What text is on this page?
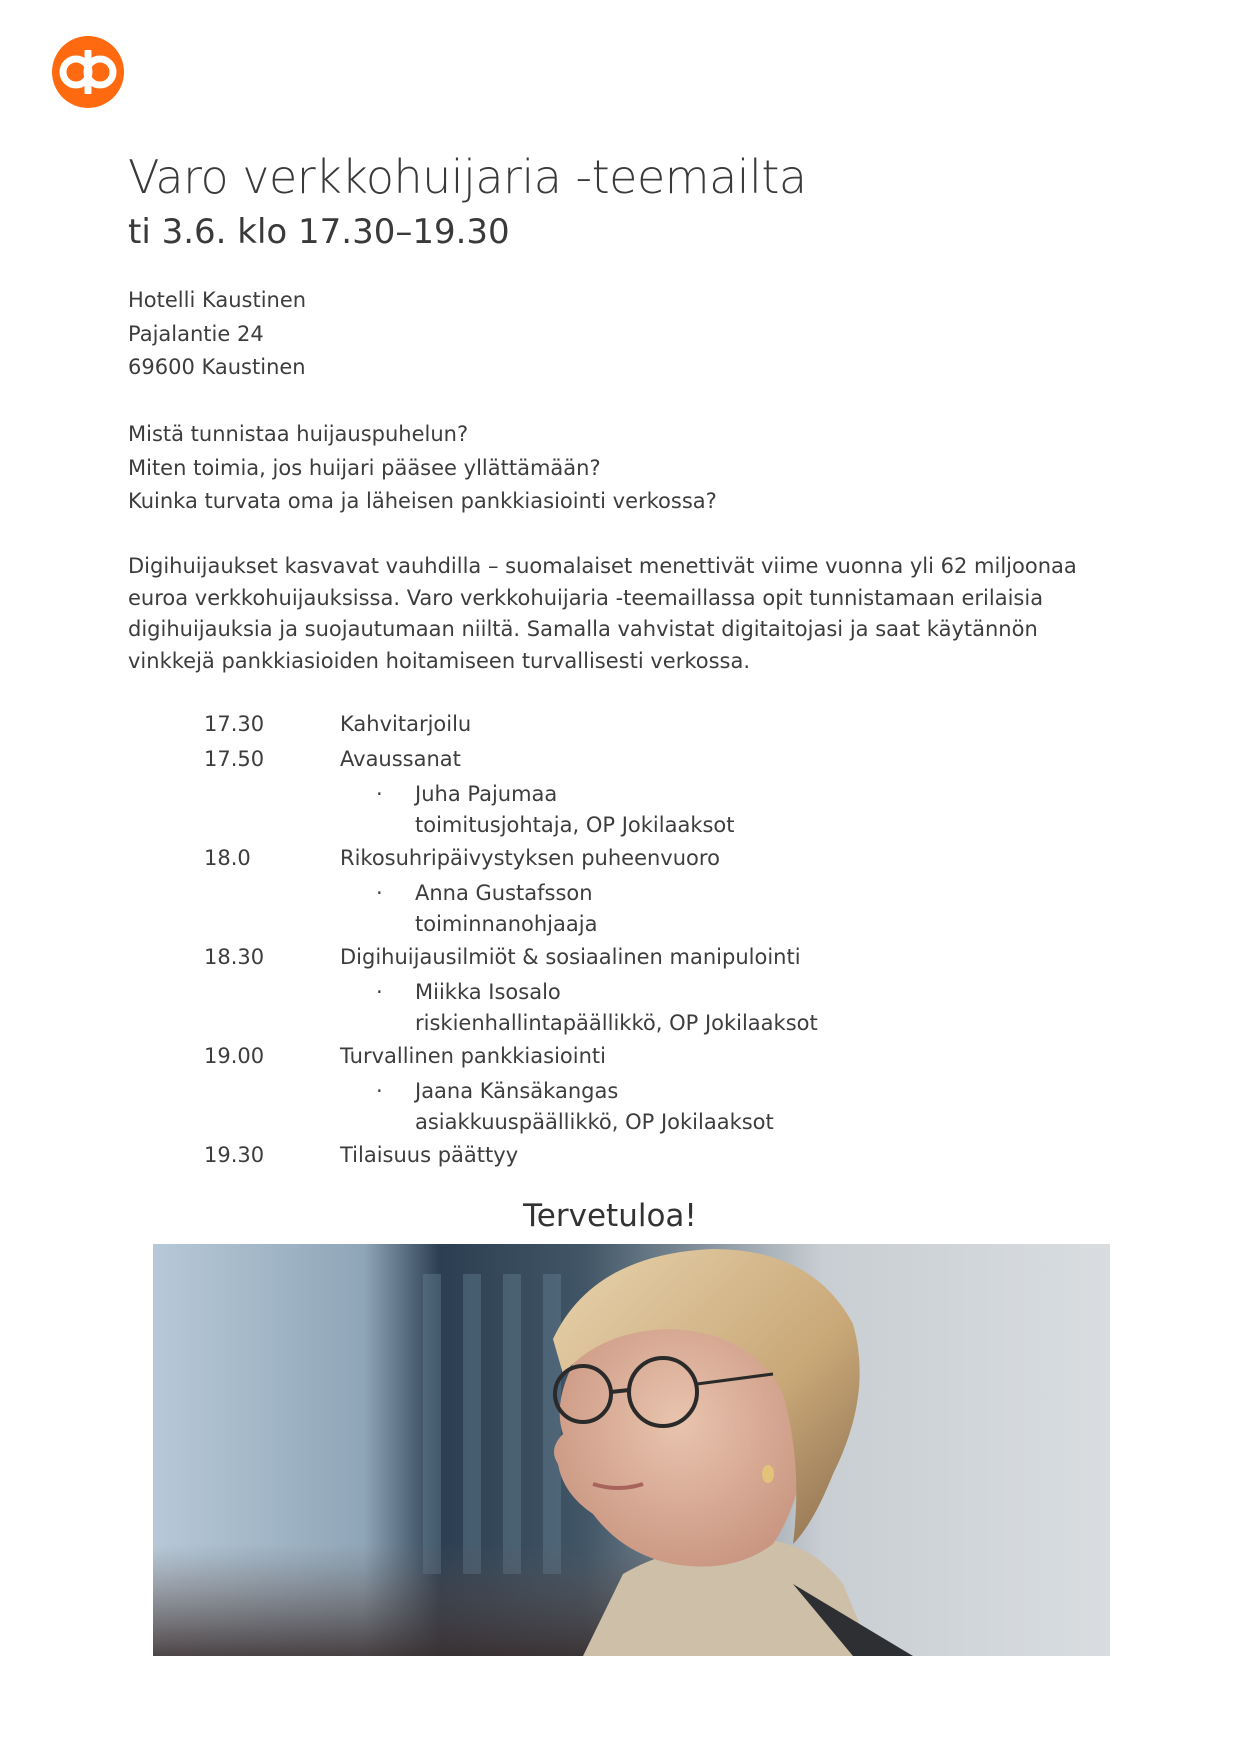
Varo verkkohuijaria -teemailta
ti 3.6. klo 17.30–19.30
Hotelli Kaustinen
Pajalantie 24
69600 Kaustinen
Mistä tunnistaa huijauspuhelun?
Miten toimia, jos huijari pääsee yllättämään?
Kuinka turvata oma ja läheisen pankkiasiointi verkossa?

Digihuijaukset kasvavat vauhdilla – suomalaiset menettivät viime vuonna yli 62 miljoonaa euroa verkkohuijauksissa. Varo verkkohuijaria -teemaillassa opit tunnistamaan erilaisia digihuijauksia ja suojautumaan niiltä. Samalla vahvistat digitaitojasi ja saat käytännön vinkkejä pankkiasioiden hoitamiseen turvallisesti verkossa.

17.30	Kahvitarjoilu
17.50	Avaussanat
· Juha Pajumaa
toimitusjohtaja, OP Jokilaaksot
18.0	Rikosuhripäivystyksen puheenvuoro
· Anna Gustafsson
toiminnanohjaaja
18.30	Digihuijausilmiöt & sosiaalinen manipulointi
· Miikka Isosalo
riskienhallintapäällikkö, OP Jokilaaksot
19.00	Turvallinen pankkiasiointi
· Jaana Känsäkangas
asiakkuuspäällikkö, OP Jokilaaksot
19.30	Tilaisuus päättyy
Tervetuloa!
